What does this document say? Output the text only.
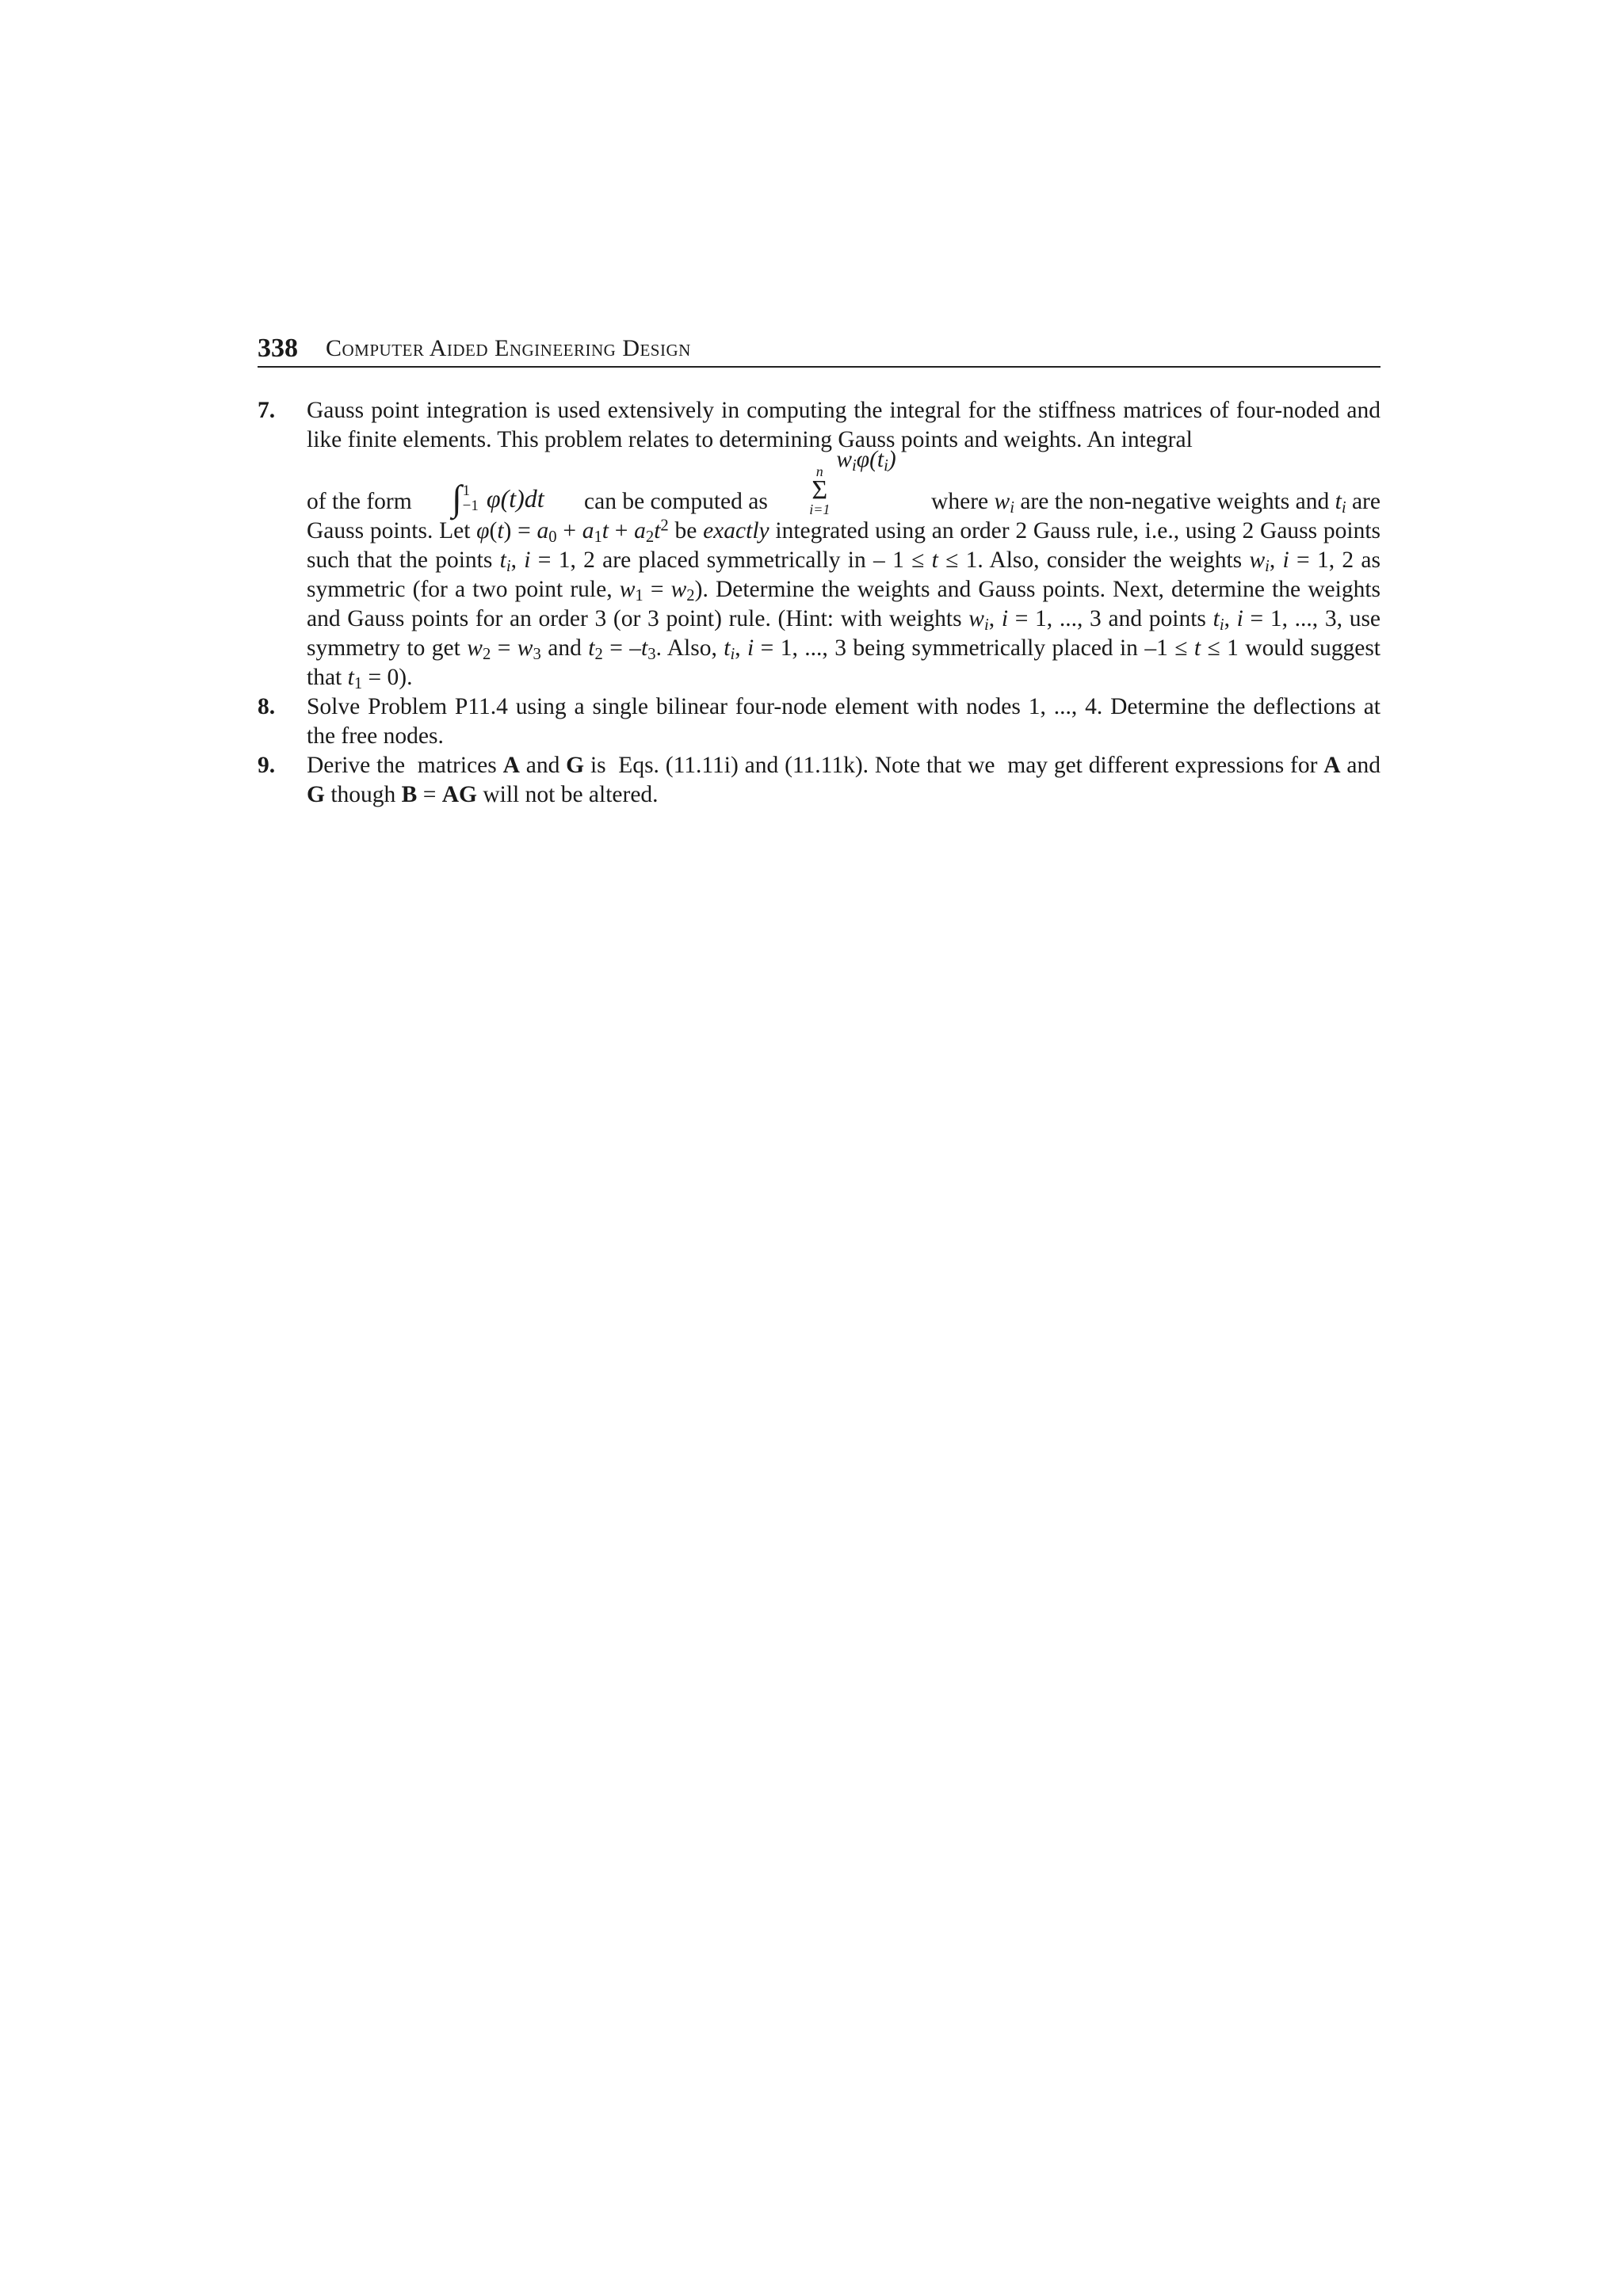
338 Computer Aided Engineering Design
7. Gauss point integration is used extensively in computing the integral for the stiffness matrices of four-noded and like finite elements. This problem relates to determining Gauss points and weights. An integral
of the form ∫ 1
−1 φ(t)dt can be computed as
n
Σ
i=1
$w_i\varphi(t_i)$
where $w_i$ are the non-negative weights and $t_i$ are
Gauss points. Let $\varphi(t) = a_0 + a_1t + a_2t^2$ be exactly integrated using an order 2 Gauss rule, i.e., using 2 Gauss points such that the points $t_i$, i = 1, 2 are placed symmetrically in – 1 ≤ t ≤ 1. Also, consider the weights $w_i$, i = 1, 2 as symmetric (for a two point rule, $w_1 = w_2$). Determine the weights and Gauss points. Next, determine the weights and Gauss points for an order 3 (or 3 point) rule. (Hint: with weights $w_i$, i = 1, ..., 3 and points $t_i$, i = 1, ..., 3, use symmetry to get $w_2 = w_3$ and $t_2 = -t_3$. Also, $t_i$, i = 1, ..., 3 being symmetrically placed in –1 ≤ t ≤ 1 would suggest that $t_1 = 0$).
8. Solve Problem P11.4 using a single bilinear four-node element with nodes 1, ..., 4. Determine the deflections at the free nodes.
9. Derive the  matrices A and G is  Eqs. (11.11i) and (11.11k). Note that we  may get different expressions for A and G though B = AG will not be altered.
